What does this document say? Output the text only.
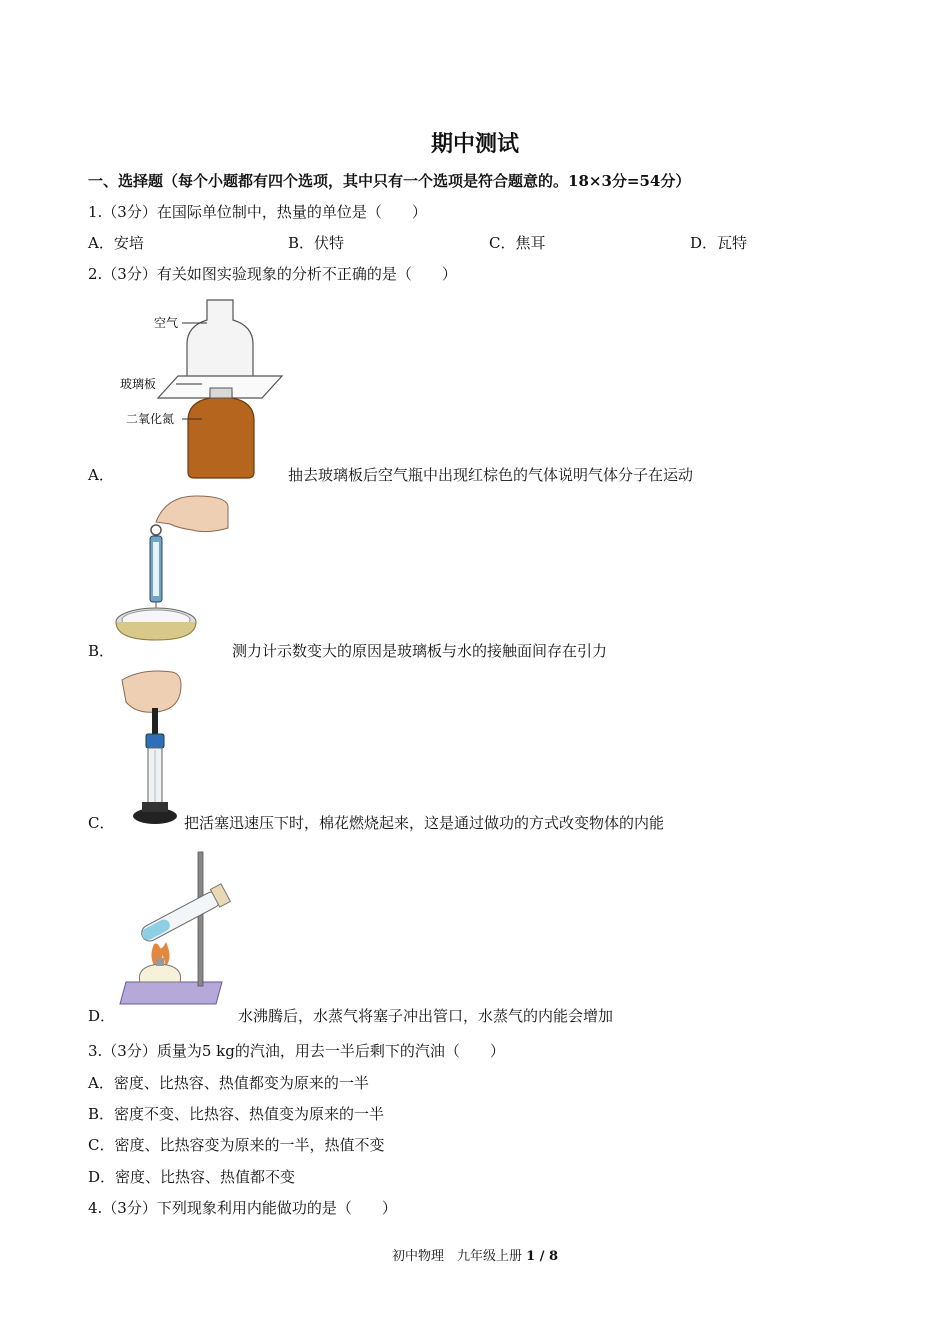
期中测试
一、选择题（每个小题都有四个选项，其中只有一个选项是符合题意的。18×3分=54分）
1.（3分）在国际单位制中，热量的单位是（　　）
A．安培	B．伏特	C．焦耳	D．瓦特
2.（3分）有关如图实验现象的分析不正确的是（　　）
空气
玻璃板
二氧化氮
A．	抽去玻璃板后空气瓶中出现红棕色的气体说明气体分子在运动
B．	测力计示数变大的原因是玻璃板与水的接触面间存在引力
C．	把活塞迅速压下时，棉花燃烧起来，这是通过做功的方式改变物体的内能
D．	水沸腾后，水蒸气将塞子冲出管口，水蒸气的内能会增加
3.（3分）质量为5 kg的汽油，用去一半后剩下的汽油（　　）
A．密度、比热容、热值都变为原来的一半
B．密度不变、比热容、热值变为原来的一半
C．密度、比热容变为原来的一半，热值不变
D．密度、比热容、热值都不变
4.（3分）下列现象利用内能做功的是（　　）
初中物理　九年级上册 1 / 8
